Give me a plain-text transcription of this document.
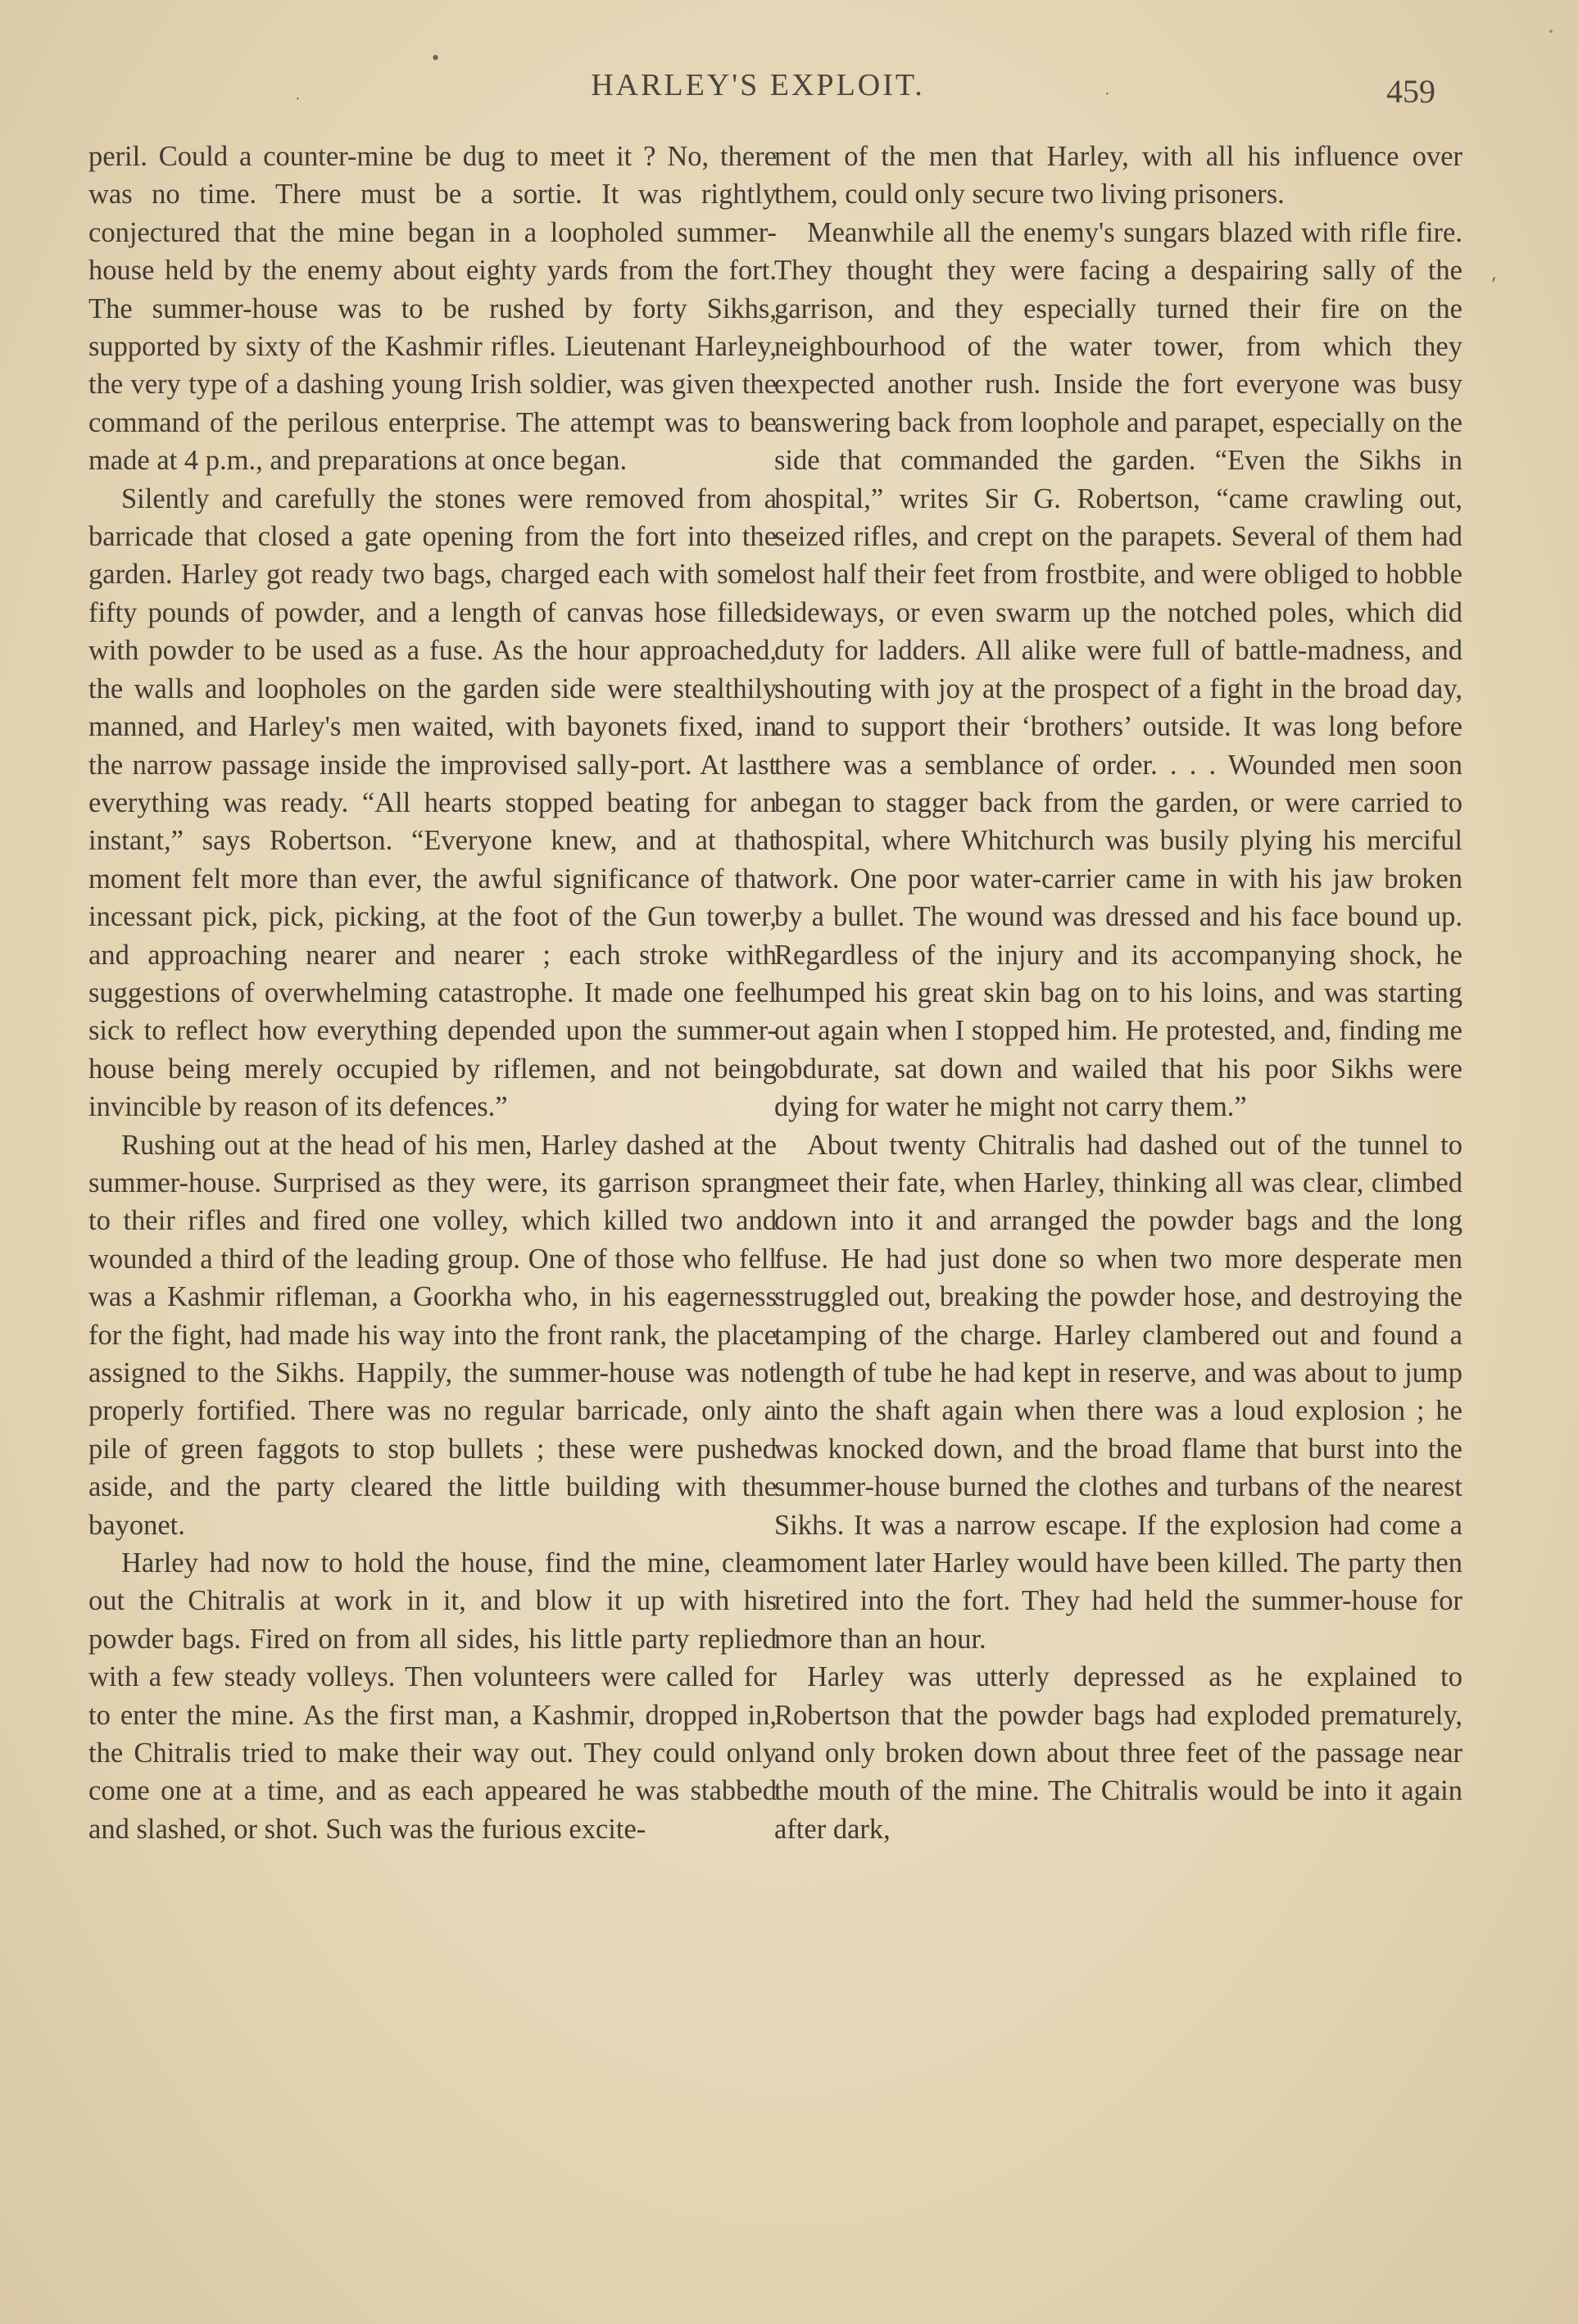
·
•
·	·
ˊ
HARLEY'S EXPLOIT.	459

peril. Could a counter-mine be dug to meet it ? No, there was no time. There must be a sortie. It was rightly conjectured that the mine began in a loopholed summer-house held by the enemy about eighty yards from the fort. The summer-house was to be rushed by forty Sikhs, supported by sixty of the Kashmir rifles. Lieutenant Harley, the very type of a dashing young Irish soldier, was given the command of the perilous enterprise. The attempt was to be made at 4 p.m., and preparations at once began.

Silently and carefully the stones were removed from a barricade that closed a gate opening from the fort into the garden. Harley got ready two bags, charged each with some fifty pounds of powder, and a length of canvas hose filled with powder to be used as a fuse. As the hour approached, the walls and loopholes on the garden side were stealthily manned, and Harley's men waited, with bayonets fixed, in the narrow passage inside the improvised sally-port. At last everything was ready. “All hearts stopped beating for an instant,” says Robertson. “Everyone knew, and at that moment felt more than ever, the awful significance of that incessant pick, pick, picking, at the foot of the Gun tower, and approaching nearer and nearer ; each stroke with suggestions of overwhelming catastrophe. It made one feel sick to reflect how everything depended upon the summer-house being merely occupied by riflemen, and not being invincible by reason of its defences.”

Rushing out at the head of his men, Harley dashed at the summer-house. Surprised as they were, its garrison sprang to their rifles and fired one volley, which killed two and wounded a third of the leading group. One of those who fell was a Kashmir rifleman, a Goorkha who, in his eagerness for the fight, had made his way into the front rank, the place assigned to the Sikhs. Happily, the summer-house was not properly fortified. There was no regular barricade, only a pile of green faggots to stop bullets ; these were pushed aside, and the party cleared the little building with the bayonet.

Harley had now to hold the house, find the mine, clear out the Chitralis at work in it, and blow it up with his powder bags. Fired on from all sides, his little party replied with a few steady volleys. Then volunteers were called for to enter the mine. As the first man, a Kashmir, dropped in, the Chitralis tried to make their way out. They could only come one at a time, and as each appeared he was stabbed and slashed, or shot. Such was the furious excite-

ment of the men that Harley, with all his influence over them, could only secure two living prisoners.

Meanwhile all the enemy's sungars blazed with rifle fire. They thought they were facing a despairing sally of the garrison, and they especially turned their fire on the neighbourhood of the water tower, from which they expected another rush. Inside the fort everyone was busy answering back from loophole and parapet, especially on the side that commanded the garden. “Even the Sikhs in hospital,” writes Sir G. Robertson, “came crawling out, seized rifles, and crept on the parapets. Several of them had lost half their feet from frostbite, and were obliged to hobble sideways, or even swarm up the notched poles, which did duty for ladders. All alike were full of battle-madness, and shouting with joy at the prospect of a fight in the broad day, and to support their ‘brothers’ outside. It was long before there was a semblance of order. . . . Wounded men soon began to stagger back from the garden, or were carried to hospital, where Whitchurch was busily plying his merciful work. One poor water-carrier came in with his jaw broken by a bullet. The wound was dressed and his face bound up. Regardless of the injury and its accompanying shock, he humped his great skin bag on to his loins, and was starting out again when I stopped him. He protested, and, finding me obdurate, sat down and wailed that his poor Sikhs were dying for water he might not carry them.”

About twenty Chitralis had dashed out of the tunnel to meet their fate, when Harley, thinking all was clear, climbed down into it and arranged the powder bags and the long fuse. He had just done so when two more desperate men struggled out, breaking the powder hose, and destroying the tamping of the charge. Harley clambered out and found a length of tube he had kept in reserve, and was about to jump into the shaft again when there was a loud explosion ; he was knocked down, and the broad flame that burst into the summer-house burned the clothes and turbans of the nearest Sikhs. It was a narrow escape. If the explosion had come a moment later Harley would have been killed. The party then retired into the fort. They had held the summer-house for more than an hour.

Harley was utterly depressed as he explained to Robertson that the powder bags had exploded prematurely, and only broken down about three feet of the passage near the mouth of the mine. The Chitralis would be into it again after dark,
